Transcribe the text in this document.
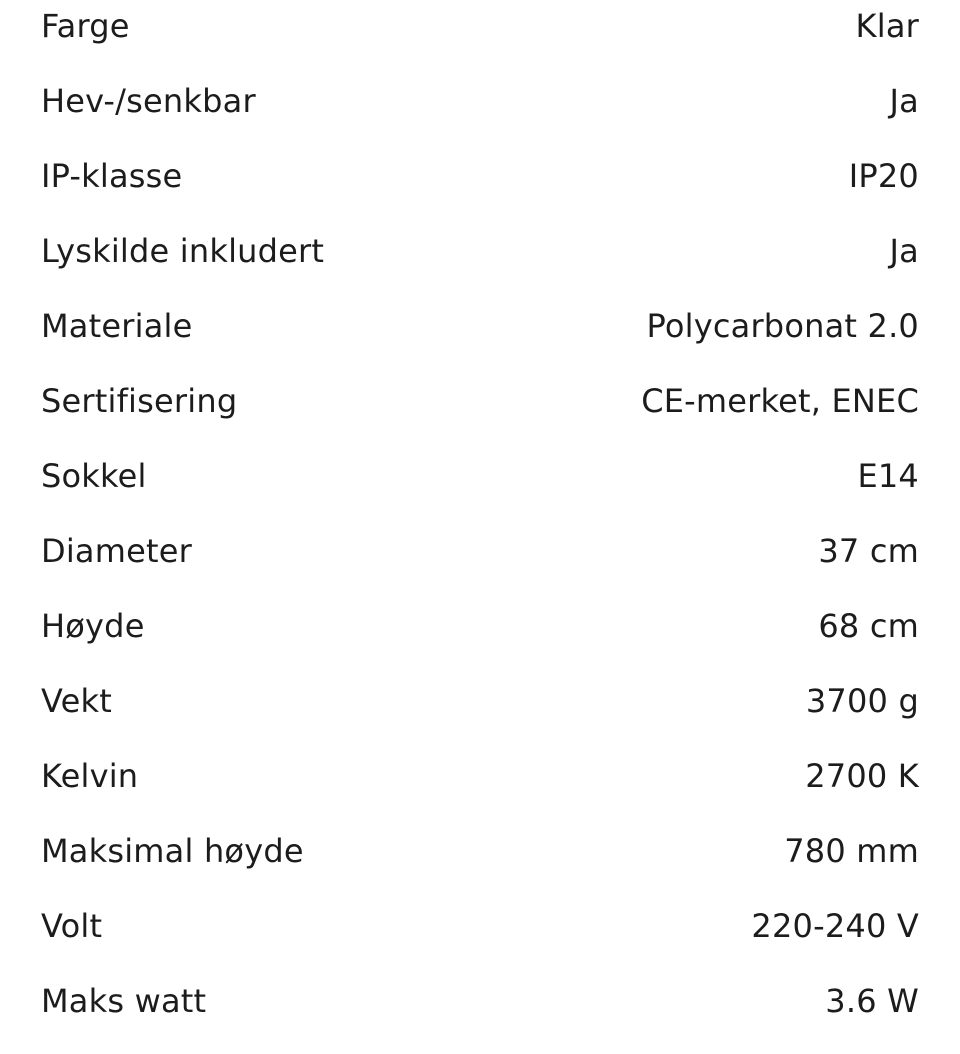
Farge	Klar
Hev-/senkbar	Ja
IP-klasse	IP20
Lyskilde inkludert	Ja
Materiale	Polycarbonat 2.0
Sertifisering	CE-merket, ENEC
Sokkel	E14
Diameter	37 cm
Høyde	68 cm
Vekt	3700 g
Kelvin	2700 K
Maksimal høyde	780 mm
Volt	220-240 V
Maks watt	3.6 W
